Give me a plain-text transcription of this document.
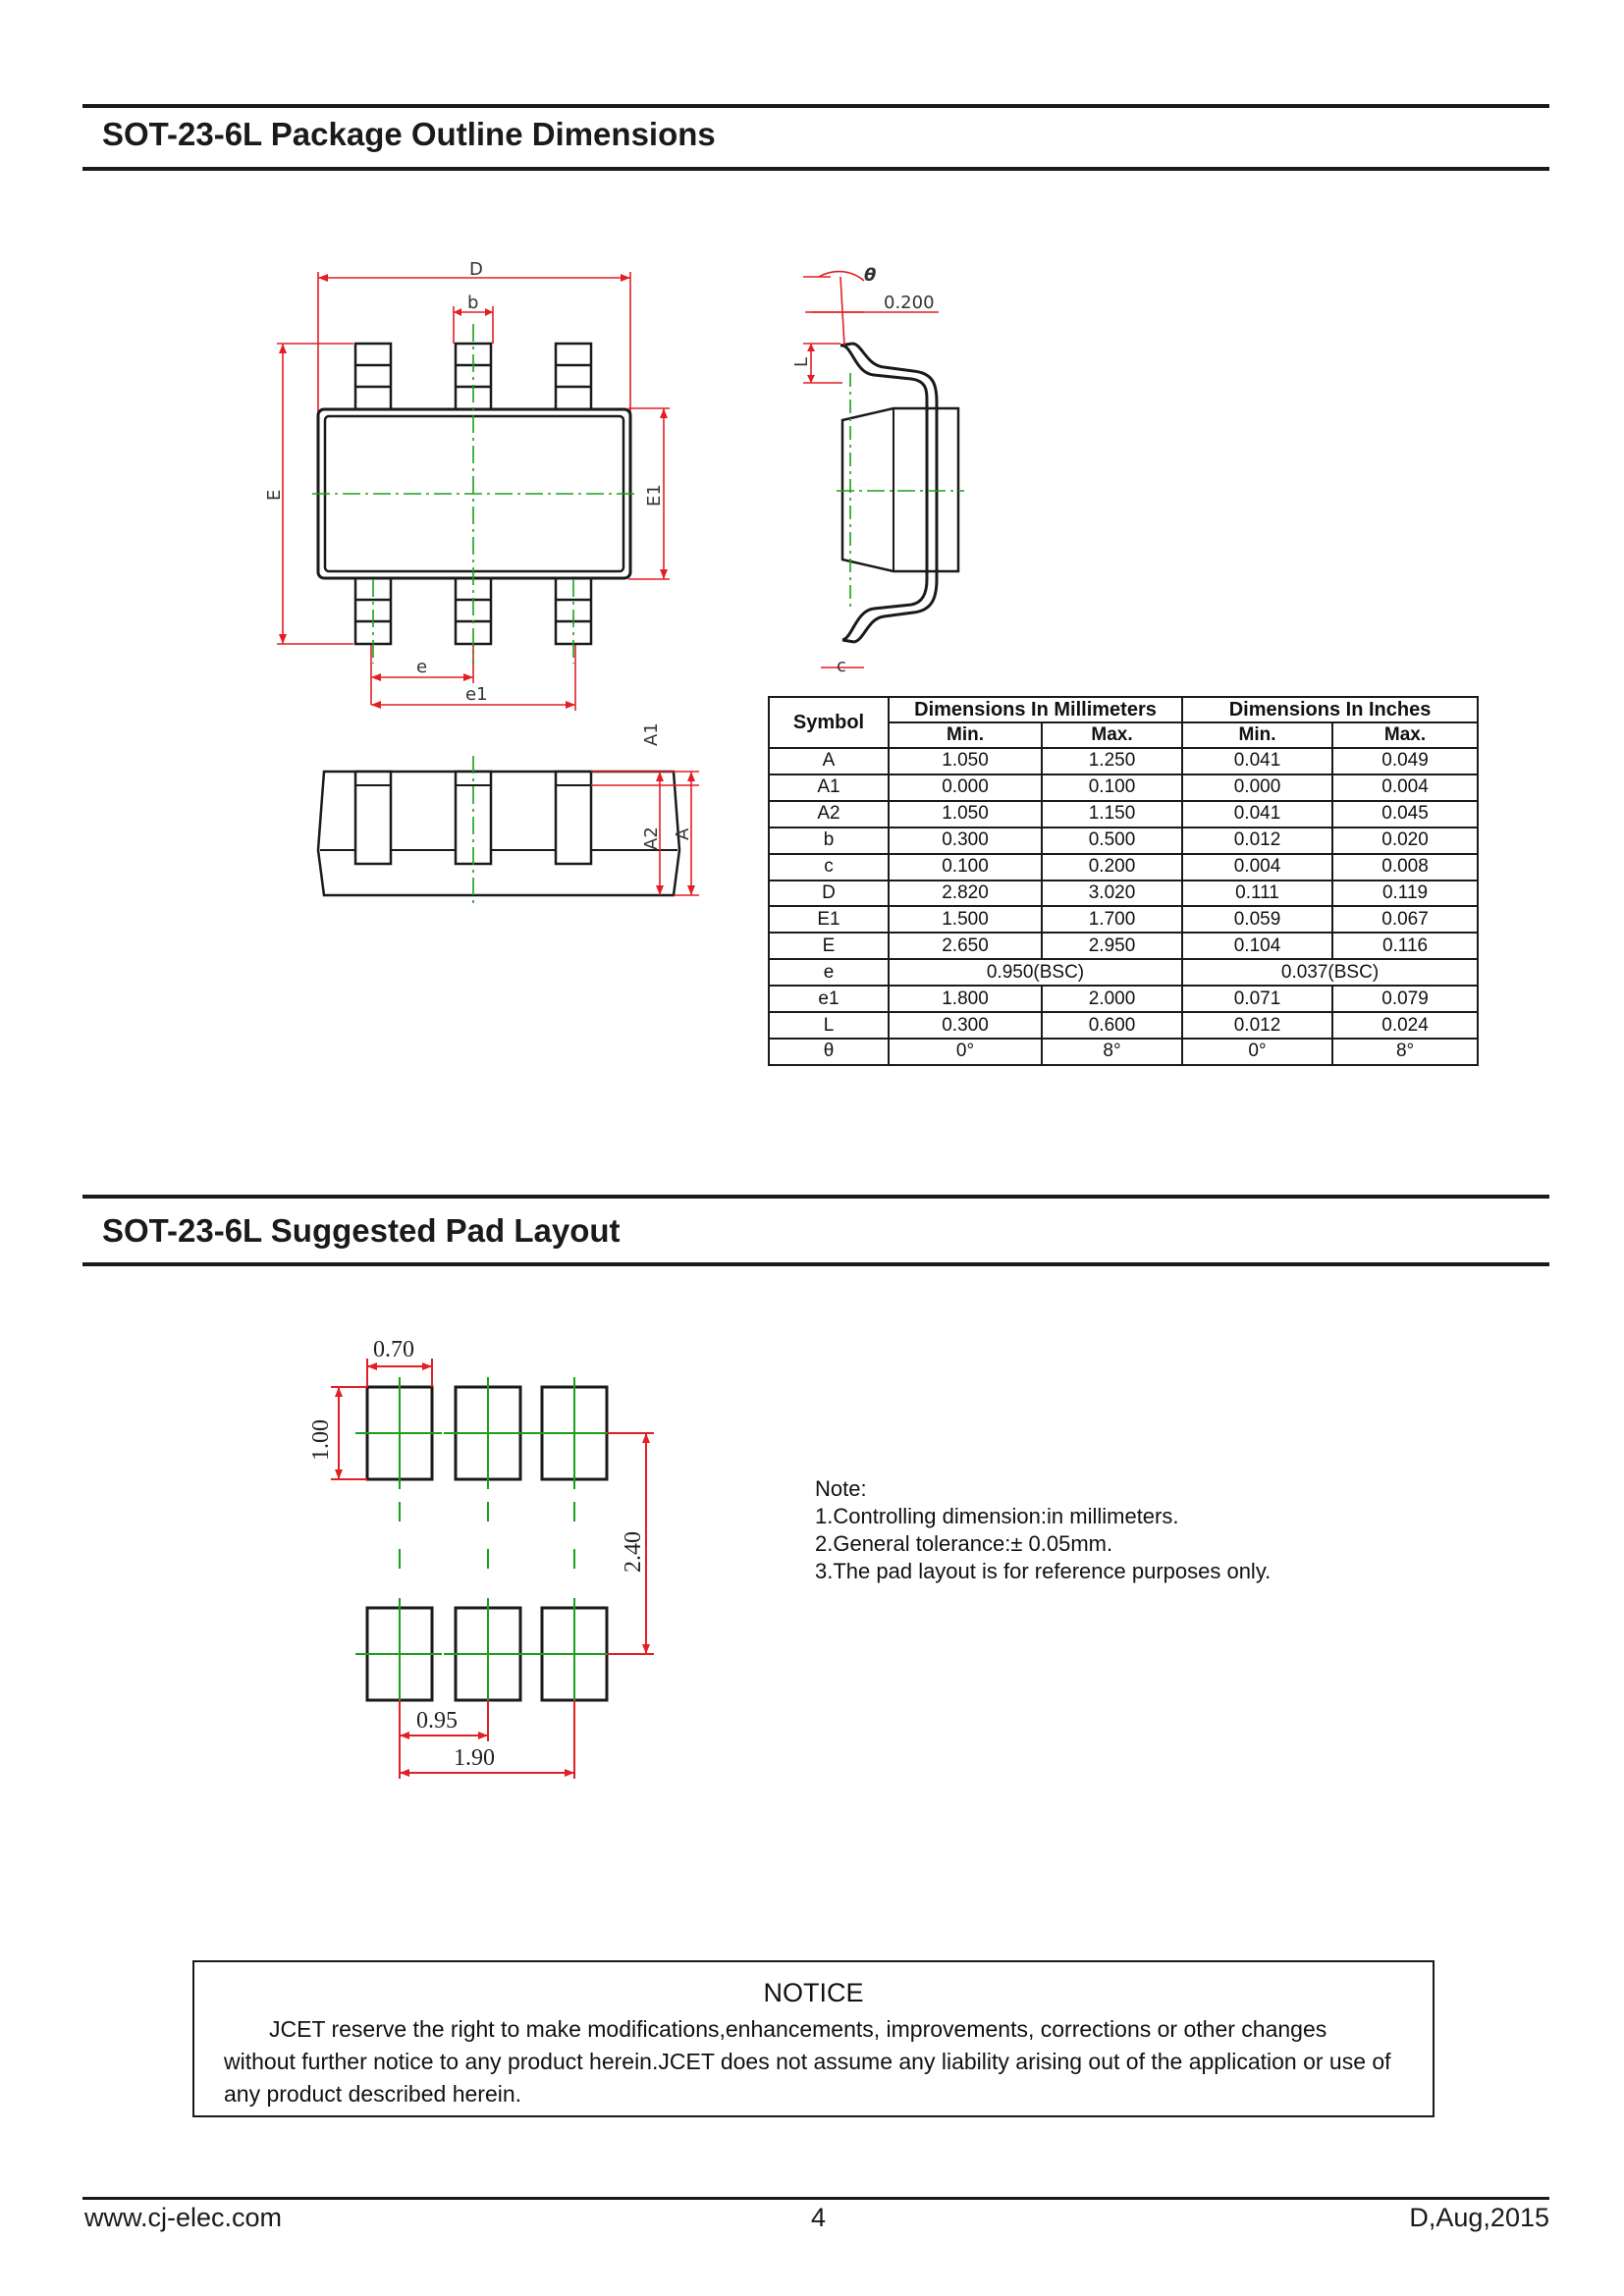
SOT-23-6L Package Outline Dimensions
D
b
E	E1
e
e1
A1
A2 A
θ
0.200
L
c
Symbol	Dimensions In Millimeters		Dimensions In Inches	
	Min.	Max.	Min.	Max.
A	1.050	1.250	0.041	0.049
A1	0.000	0.100	0.000	0.004
A2	1.050	1.150	0.041	0.045
b	0.300	0.500	0.012	0.020
c	0.100	0.200	0.004	0.008
D	2.820	3.020	0.111	0.119
E1	1.500	1.700	0.059	0.067
E	2.650	2.950	0.104	0.116
e	0.950(BSC)		0.037(BSC)	
e1	1.800	2.000	0.071	0.079
L	0.300	0.600	0.012	0.024
θ	0°	8°	0°	8°
SOT-23-6L Suggested Pad Layout
0.70
1.00
2.40
0.95
1.90
Note:
1.Controlling dimension:in millimeters.
2.General tolerance:± 0.05mm.
3.The pad layout is for reference purposes only.
NOTICE
JCET reserve the right to make modifications,enhancements, improvements, corrections or other changes without further notice to any product herein.JCET does not assume any liability arising out of the application or use of any product described herein.
www.cj-elec.com	4	D,Aug,2015
